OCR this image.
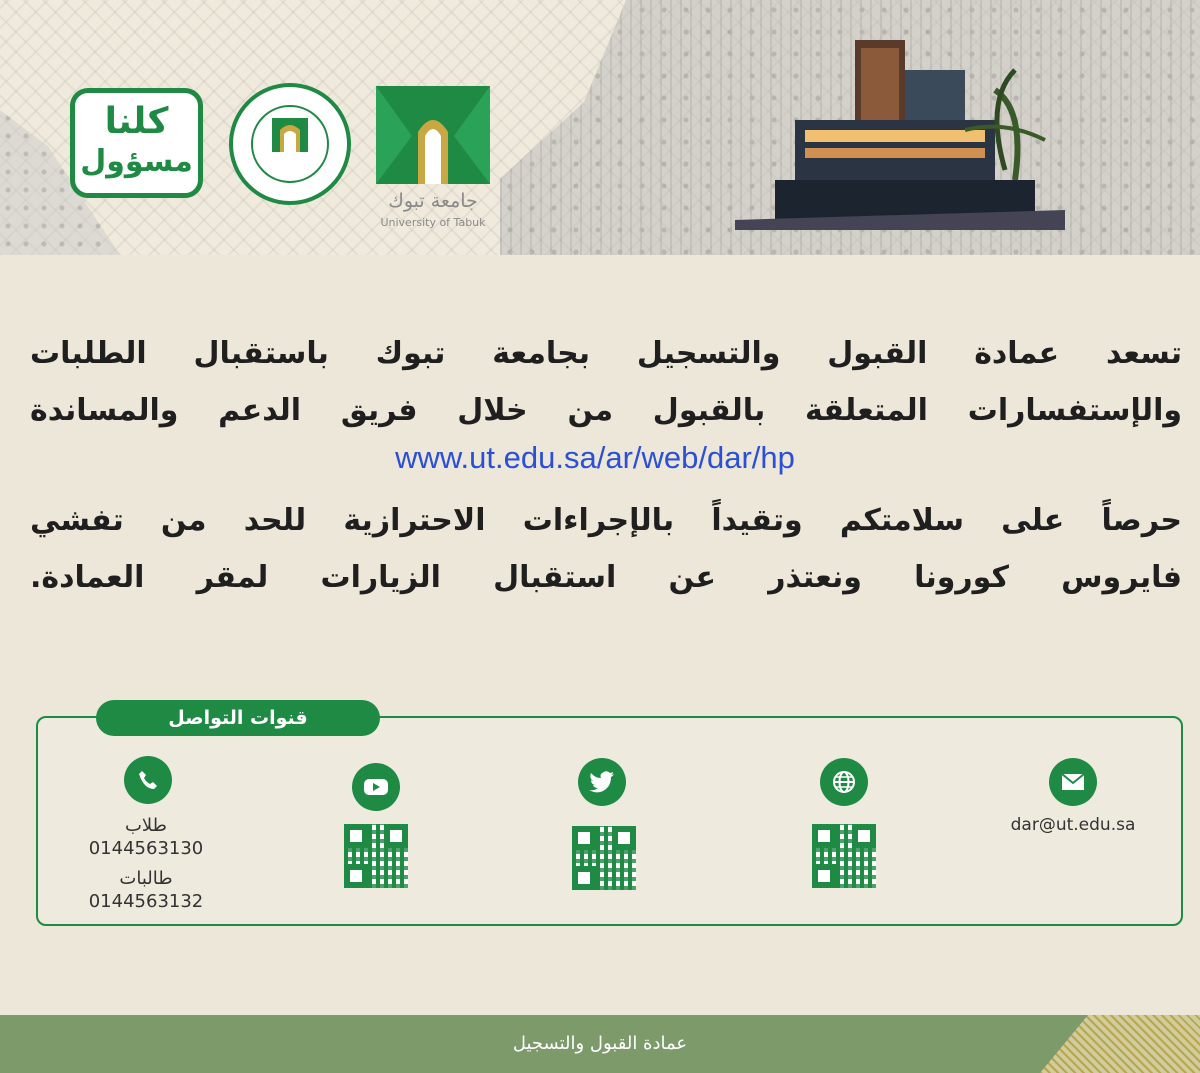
كلنا
مسؤول
جامعة تبوك
University of Tabuk

تسعد عمادة القبول والتسجيل بجامعة تبوك باستقبال الطلبات

والإستفسارات المتعلقة بالقبول من خلال فريق الدعم والمساندة

www.ut.edu.sa/ar/web/dar/hp

حرصاً على سلامتكم وتقيداً بالإجراءات الاحترازية للحد من تفشي

فايروس كورونا ونعتذر عن استقبال الزيارات لمقر العمادة.

قنوات التواصل
طلاب
0144563130
طالبات
0144563132
dar@ut.edu.sa
عمادة القبول والتسجيل
